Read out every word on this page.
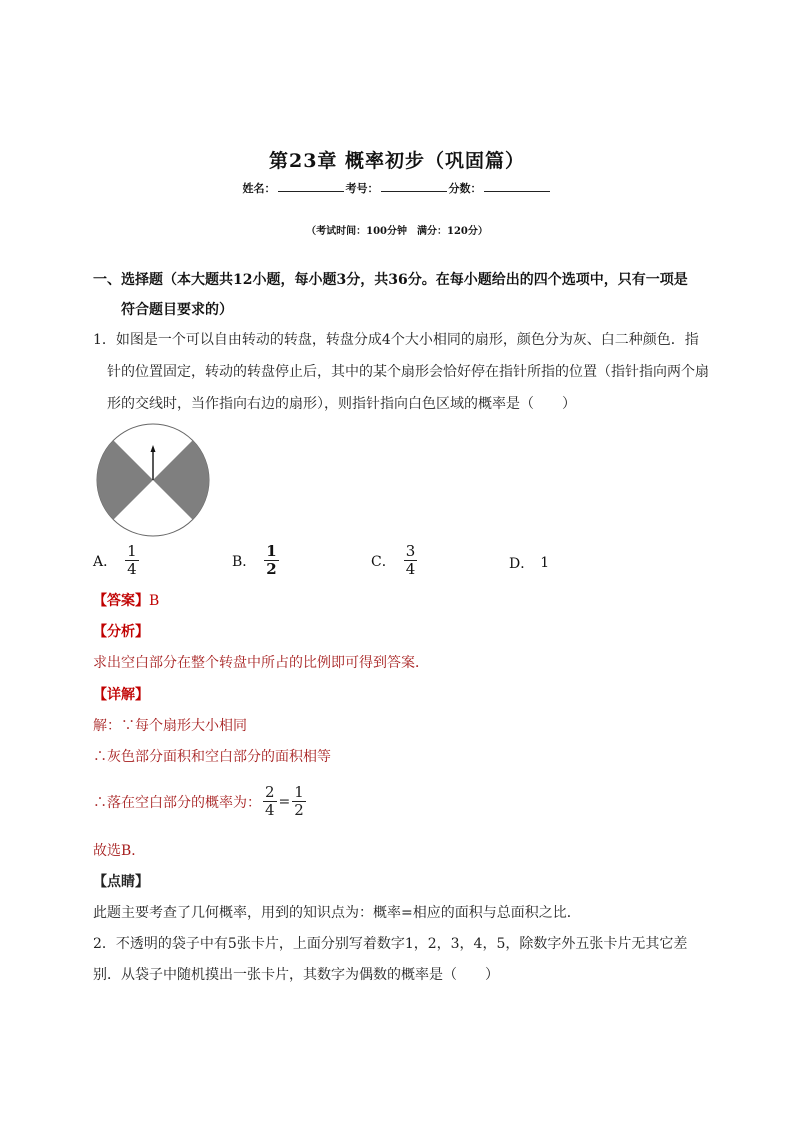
第23章 概率初步（巩固篇）
姓名：	考号：	分数：
（考试时间：100分钟　满分：120分）
一、选择题（本大题共12小题，每小题3分，共36分。在每小题给出的四个选项中，只有一项是
符合题目要求的）
1．如图是一个可以自由转动的转盘，转盘分成4个大小相同的扇形，颜色分为灰、白二种颜色．指
针的位置固定，转动的转盘停止后，其中的某个扇形会恰好停在指针所指的位置（指针指向两个扇
形的交线时，当作指向右边的扇形），则指针指向白色区域的概率是（　　）
A． $\frac{1}{4}$	B． $\frac{1}{2}$	C． $\frac{3}{4}$	D． 1
【答案】B
【分析】
求出空白部分在整个转盘中所占的比例即可得到答案．
【详解】
解：∵每个扇形大小相同
∴灰色部分面积和空白部分的面积相等
∴落在空白部分的概率为： $\frac{2}{4} = \frac{1}{2}$
故选B．
【点睛】
此题主要考查了几何概率，用到的知识点为：概率=相应的面积与总面积之比．
2．不透明的袋子中有5张卡片，上面分别写着数字1，2，3，4，5，除数字外五张卡片无其它差
别．从袋子中随机摸出一张卡片，其数字为偶数的概率是（　　）
